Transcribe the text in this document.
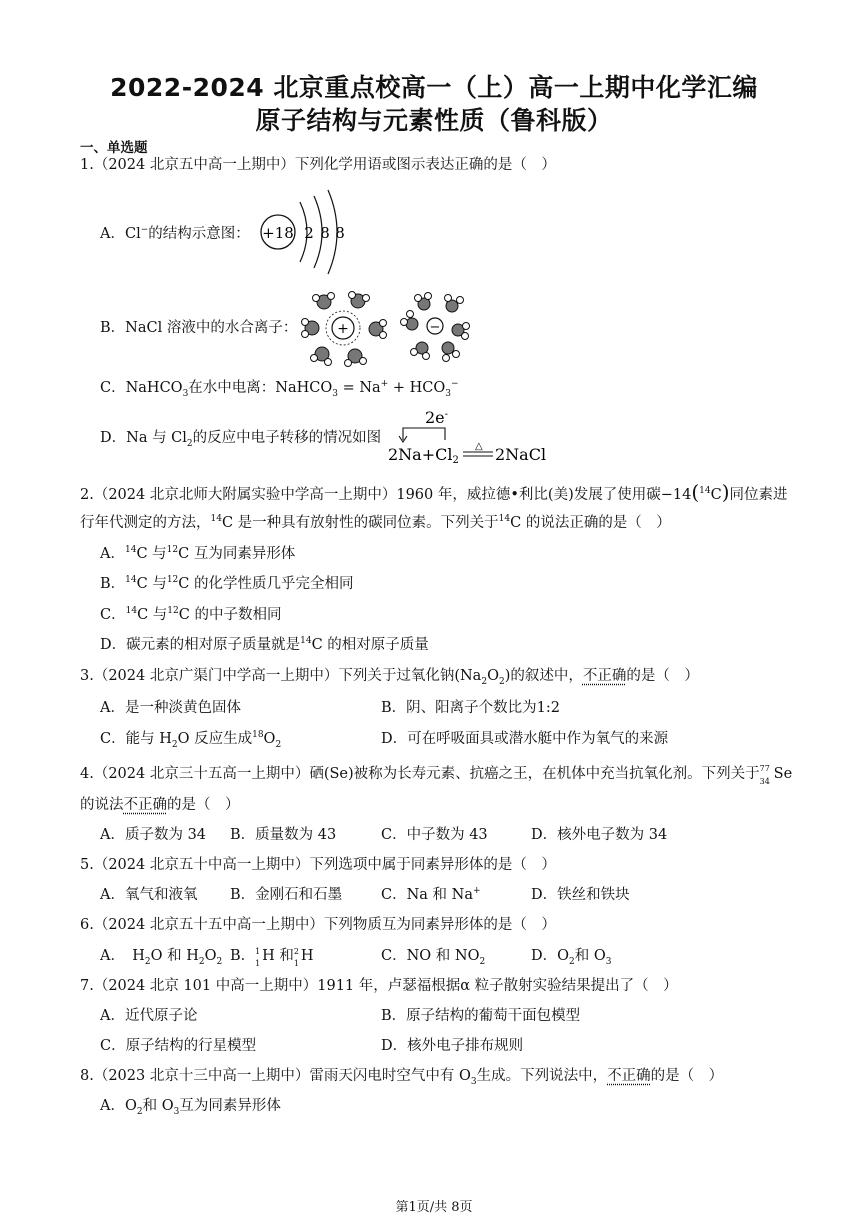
2022-2024 北京重点校高一（上）高一上期中化学汇编
原子结构与元素性质（鲁科版）
一、单选题
1.（2024 北京五中高一上期中）下列化学用语或图示表达正确的是（　）
A．Cl−的结构示意图： +18 2 8 8
B．NaCl 溶液中的水合离子：	+	−
C．NaHCO$_3$在水中电离：NaHCO$_3$ = $Na^+ + HCO_3^-$
D．Na 与 $Cl_2$的反应中电子转移的情况如图
2e-
2Na+Cl2
△ 2NaCl
2.（2024 北京北师大附属实验中学高一上期中）1960 年，威拉德•利比(美)发展了使用碳−14($^{14}$C)同位素进
行年代测定的方法，$^{14}$C 是一种具有放射性的碳同位素。下列关于$^{14}$C 的说法正确的是（　）
A．$^{14}$C 与$^{12}$C 互为同素异形体
B．$^{14}$C 与$^{12}$C 的化学性质几乎完全相同
C．$^{14}$C 与$^{12}$C 的中子数相同
D．碳元素的相对原子质量就是$^{14}$C 的相对原子质量
3.（2024 北京广渠门中学高一上期中）下列关于过氧化钠$(Na_2O_2)$的叙述中，不正确的是（　）
A．是一种淡黄色固体	B．阴、阳离子个数比为1:2
C．能与 $H_2O$ 反应生成$^{18}O_2$	D．可在呼吸面具或潜水艇中作为氧气的来源
4.（2024 北京三十五高一上期中）硒(Se)被称为长寿元素、抗癌之王，在机体中充当抗氧化剂。下列关于 77
34 Se
的说法不正确的是（　）
A．质子数为 34 B．质量数为 43	C．中子数为 43	D．核外电子数为 34
5.（2024 北京五十中高一上期中）下列选项中属于同素异形体的是（　）
A．氧气和液氧 B．金刚石和石墨	C．Na 和 Na+	D．铁丝和铁块
6.（2024 北京五十五中高一上期中）下列物质互为同素异形体的是（　）
A．　$H_2O$ 和 $H_2O_2$ B． 1
1 H 和 2
1 H	C．NO 和 $NO_2$	D．$O_2$和 $O_3$
7.（2024 北京 101 中高一上期中）1911 年，卢瑟福根据α 粒子散射实验结果提出了（　）
A．近代原子论	B．原子结构的葡萄干面包模型
C．原子结构的行星模型	D．核外电子排布规则
8.（2023 北京十三中高一上期中）雷雨天闪电时空气中有 $O_3$生成。下列说法中，不正确的是（　）
A．$O_2$和 $O_3$互为同素异形体
第1页/共 8页
